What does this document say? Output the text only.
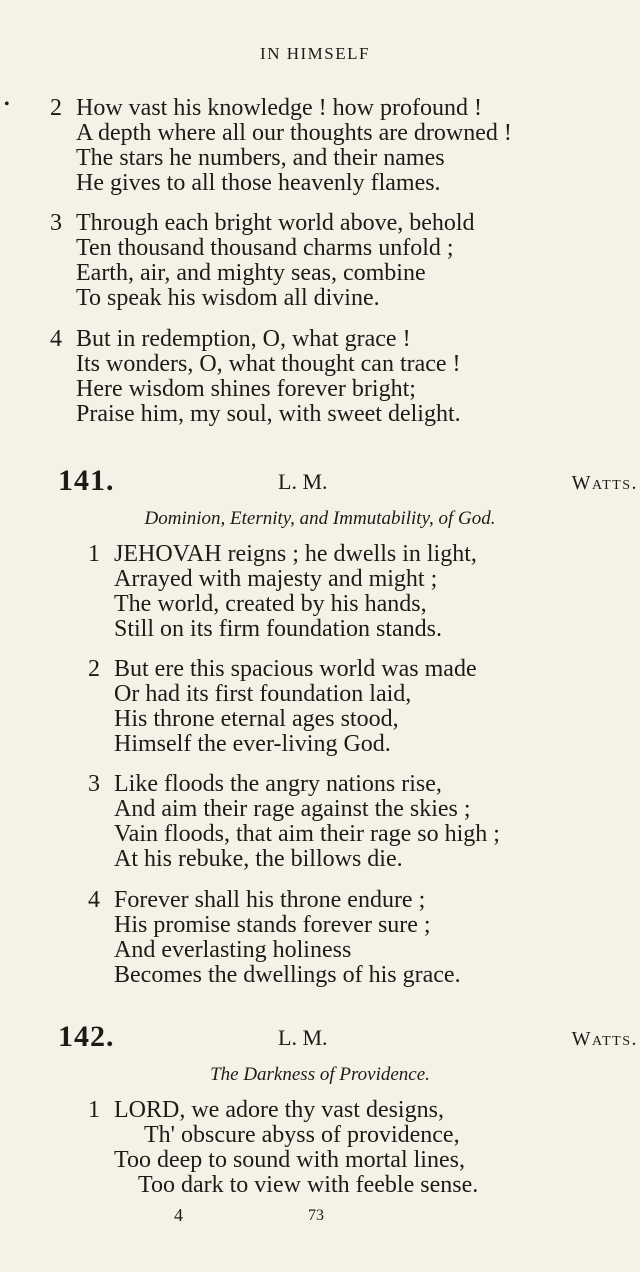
•
IN HIMSELF
2 How vast his knowledge ! how profound !
A depth where all our thoughts are drowned !
The stars he numbers, and their names
He gives to all those heavenly flames.
3 Through each bright world above, behold
Ten thousand thousand charms unfold ;
Earth, air, and mighty seas, combine
To speak his wisdom all divine.
4 But in redemption, O, what grace !
Its wonders, O, what thought can trace !
Here wisdom shines forever bright;
Praise him, my soul, with sweet delight.
141.	L. M.	Watts.
Dominion, Eternity, and Immutability, of God.
1 JEHOVAH reigns ; he dwells in light,
Arrayed with majesty and might ;
The world, created by his hands,
Still on its firm foundation stands.
2 But ere this spacious world was made
Or had its first foundation laid,
His throne eternal ages stood,
Himself the ever-living God.
3 Like floods the angry nations rise,
And aim their rage against the skies ;
Vain floods, that aim their rage so high ;
At his rebuke, the billows die.
4 Forever shall his throne endure ;
His promise stands forever sure ;
And everlasting holiness
Becomes the dwellings of his grace.
142.	L. M.	Watts.
The Darkness of Providence.
1 LORD, we adore thy vast designs,
Th' obscure abyss of providence,
Too deep to sound with mortal lines,
Too dark to view with feeble sense.
4	73
